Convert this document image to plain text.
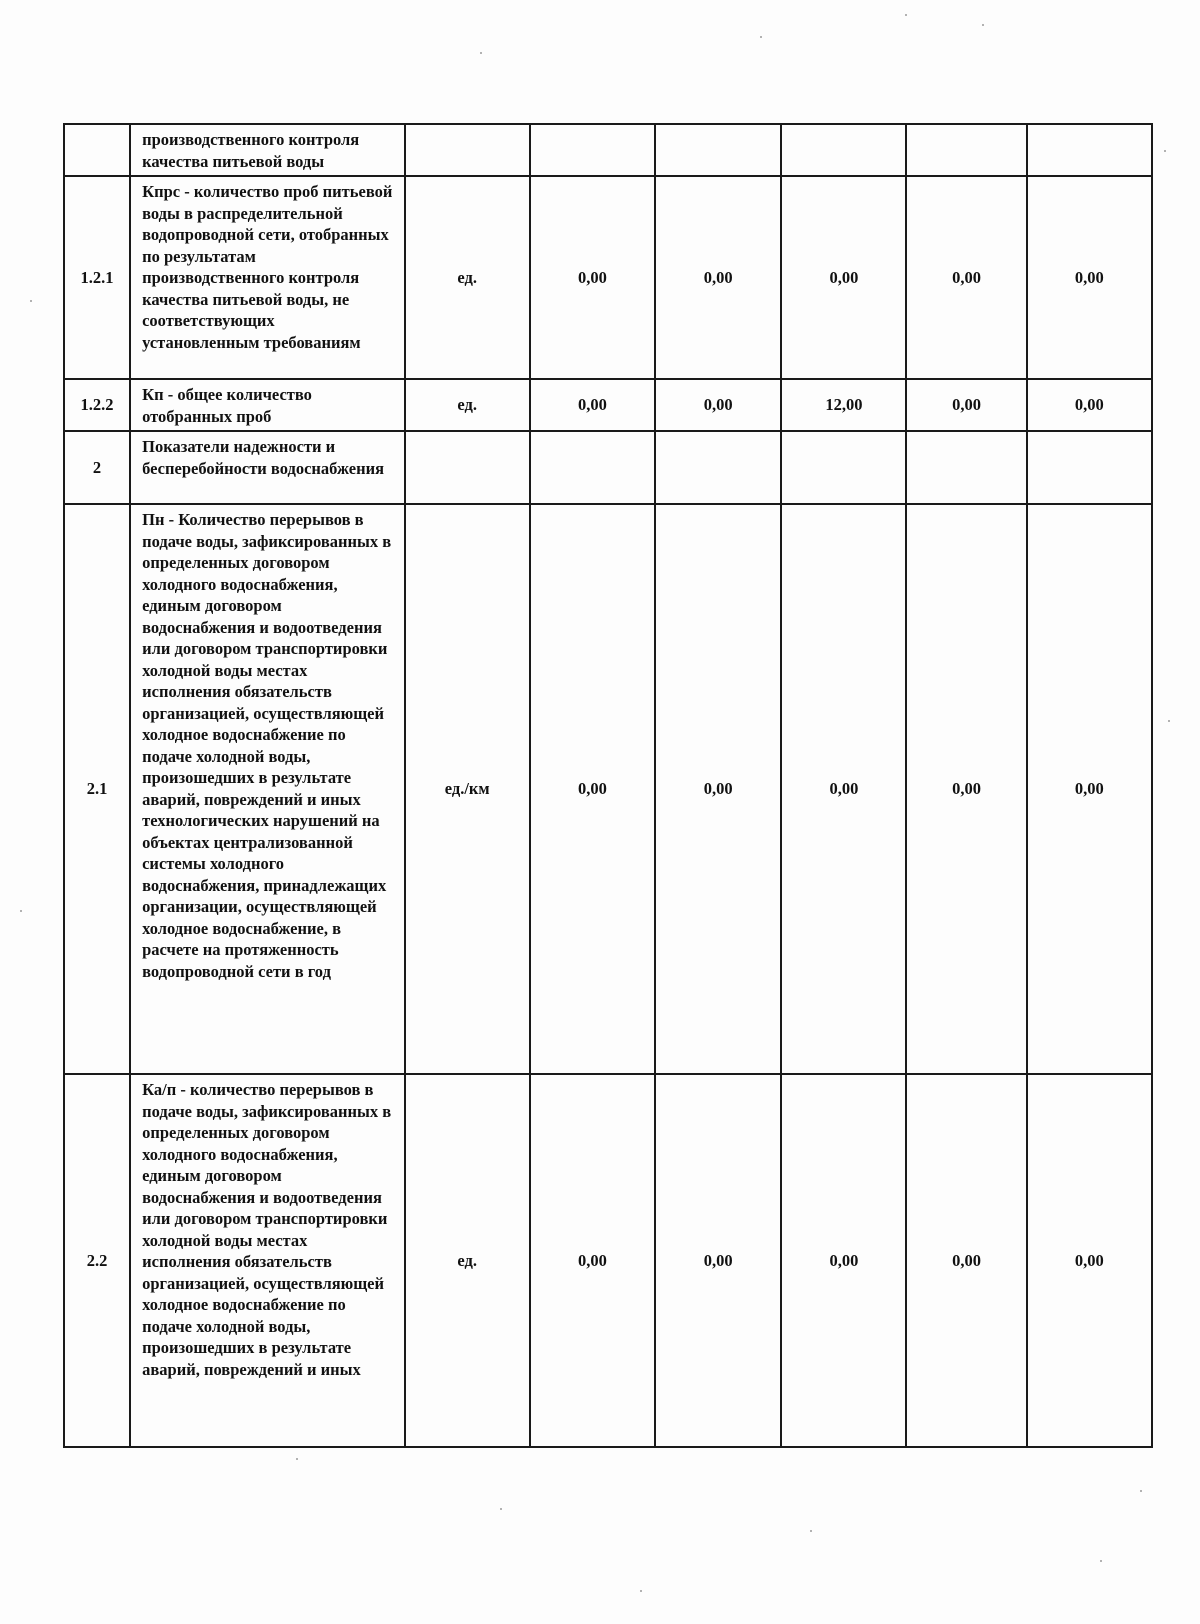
	производственного контроля качества питьевой воды						
1.2.1	Кпрс - количество проб питьевой воды в распределительной водопроводной сети, отобранных по результатам производственного контроля качества питьевой воды, не соответствующих установленным требованиям	ед.	0,00	0,00	0,00	0,00	0,00
1.2.2	Кп - общее количество отобранных проб	ед.	0,00	0,00	12,00	0,00	0,00
2	Показатели надежности и бесперебойности водоснабжения						
2.1	Пн - Количество перерывов в подаче воды, зафиксированных в определенных договором холодного водоснабжения, единым договором водоснабжения и водоотведения или договором транспортировки холодной воды местах исполнения обязательств организацией, осуществляющей холодное водоснабжение по подаче холодной воды, произошедших в результате аварий, повреждений и иных технологических нарушений на объектах централизованной системы холодного водоснабжения, принадлежащих организации, осуществляющей холодное водоснабжение, в расчете на протяженность водопроводной сети в год	ед./км	0,00	0,00	0,00	0,00	0,00
2.2	Ка/п - количество перерывов в подаче воды, зафиксированных в определенных договором холодного водоснабжения, единым договором водоснабжения и водоотведения или договором транспортировки холодной воды местах исполнения обязательств организацией, осуществляющей холодное водоснабжение по подаче холодной воды, произошедших в результате аварий, повреждений и иных	ед.	0,00	0,00	0,00	0,00	0,00
